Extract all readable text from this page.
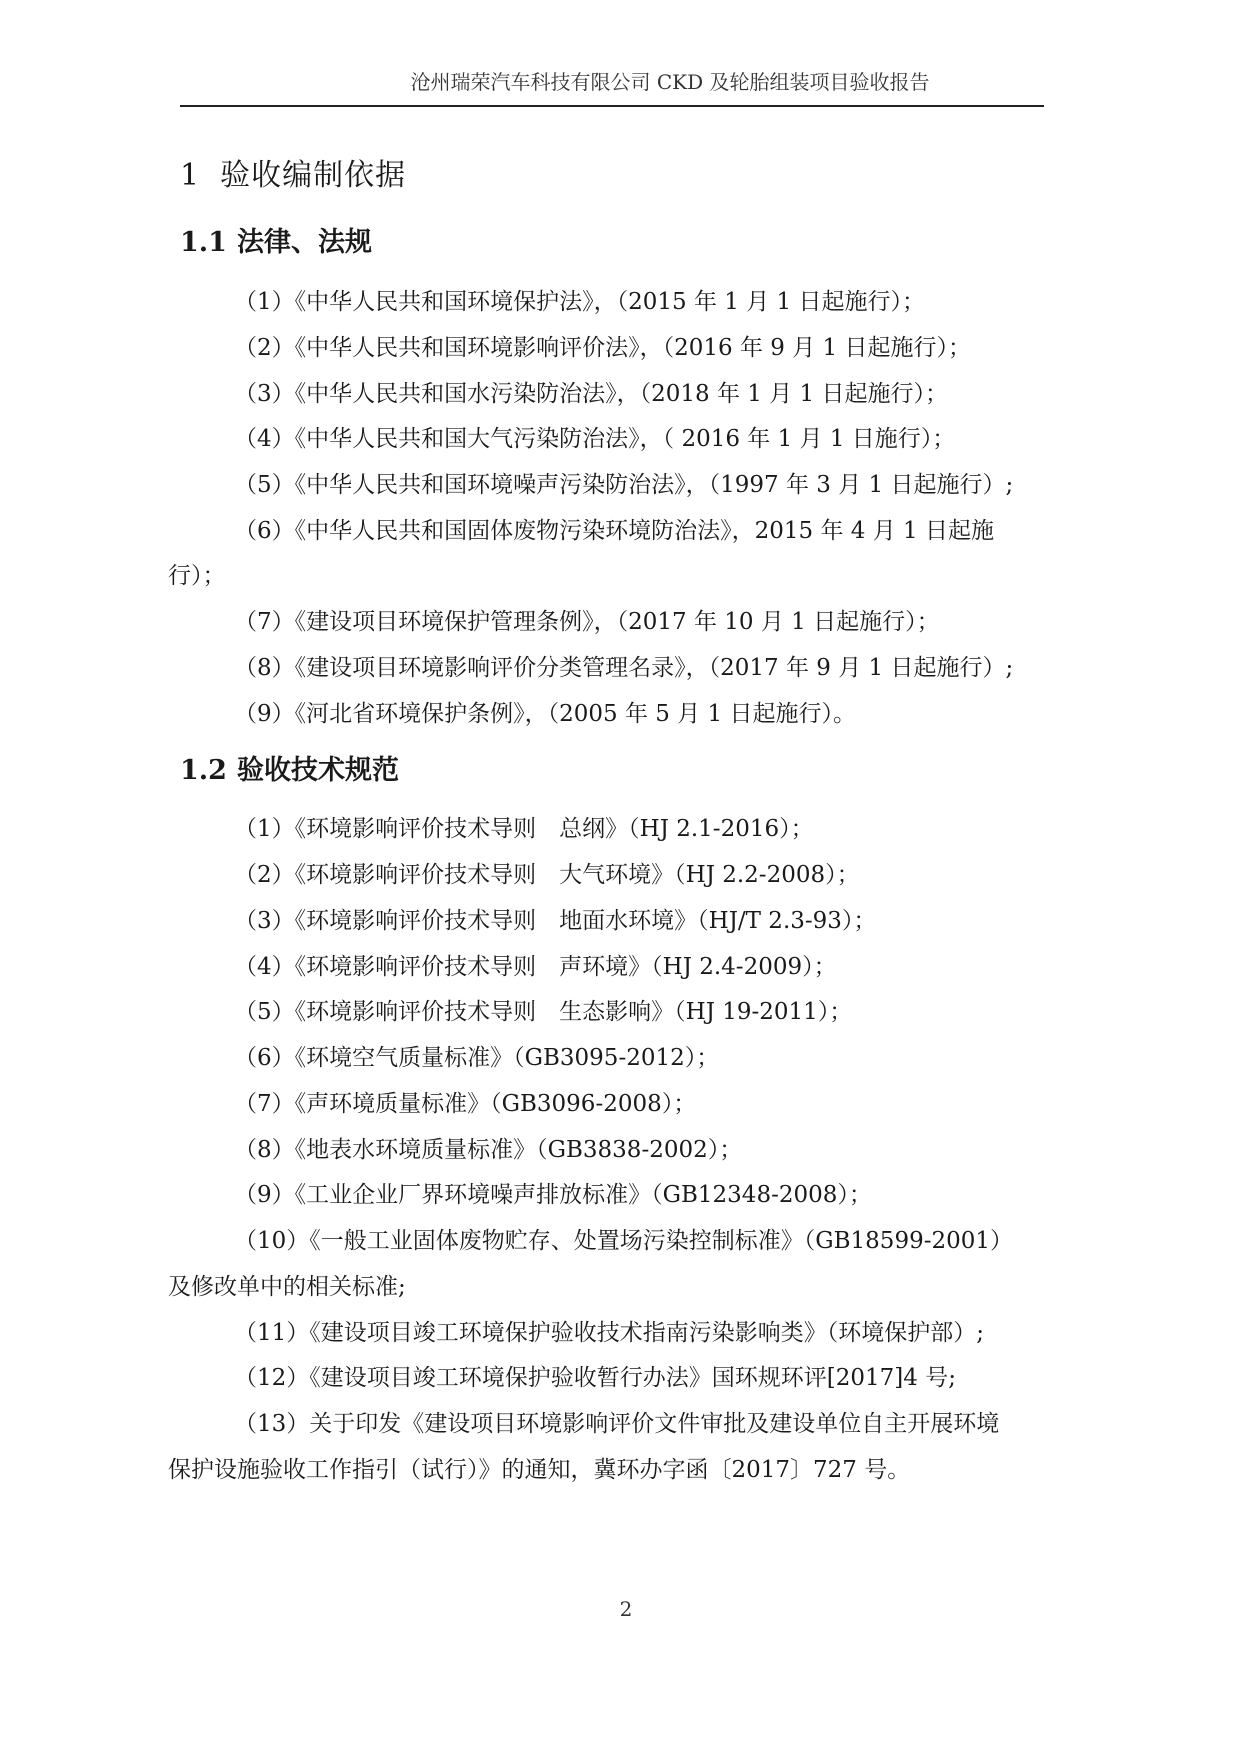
沧州瑞荣汽车科技有限公司 CKD 及轮胎组装项目验收报告
1 验收编制依据
1.1 法律、法规
（1）《中华人民共和国环境保护法》，（2015 年 1 月 1 日起施行）；
（2）《中华人民共和国环境影响评价法》，（2016 年 9 月 1 日起施行）；
（3）《中华人民共和国水污染防治法》，（2018 年 1 月 1 日起施行）；
（4）《中华人民共和国大气污染防治法》，（ 2016 年 1 月 1 日施行）；
（5）《中华人民共和国环境噪声污染防治法》，（1997 年 3 月 1 日起施行）;
（6）《中华人民共和国固体废物污染环境防治法》，2015 年 4 月 1 日起施
行）；
（7）《建设项目环境保护管理条例》，（2017 年 10 月 1 日起施行）；
（8）《建设项目环境影响评价分类管理名录》，（2017 年 9 月 1 日起施行）;
（9）《河北省环境保护条例》，（2005 年 5 月 1 日起施行）。
1.2 验收技术规范
（1）《环境影响评价技术导则　总纲》（HJ 2.1-2016）；
（2）《环境影响评价技术导则　大气环境》（HJ 2.2-2008）；
（3）《环境影响评价技术导则　地面水环境》（HJ/T 2.3-93）；
（4）《环境影响评价技术导则　声环境》（HJ 2.4-2009）；
（5）《环境影响评价技术导则　生态影响》（HJ 19-2011）；
（6）《环境空气质量标准》（GB3095-2012）；
（7）《声环境质量标准》（GB3096-2008）；
（8）《地表水环境质量标准》（GB3838-2002）；
（9）《工业企业厂界环境噪声排放标准》（GB12348-2008）；
（10）《一般工业固体废物贮存、处置场污染控制标准》（GB18599-2001）
及修改单中的相关标准;
（11）《建设项目竣工环境保护验收技术指南污染影响类》（环境保护部）;
（12）《建设项目竣工环境保护验收暂行办法》国环规环评[2017]4 号;
（13）关于印发《建设项目环境影响评价文件审批及建设单位自主开展环境
保护设施验收工作指引（试行）》的通知，冀环办字函〔2017〕727 号。
2
